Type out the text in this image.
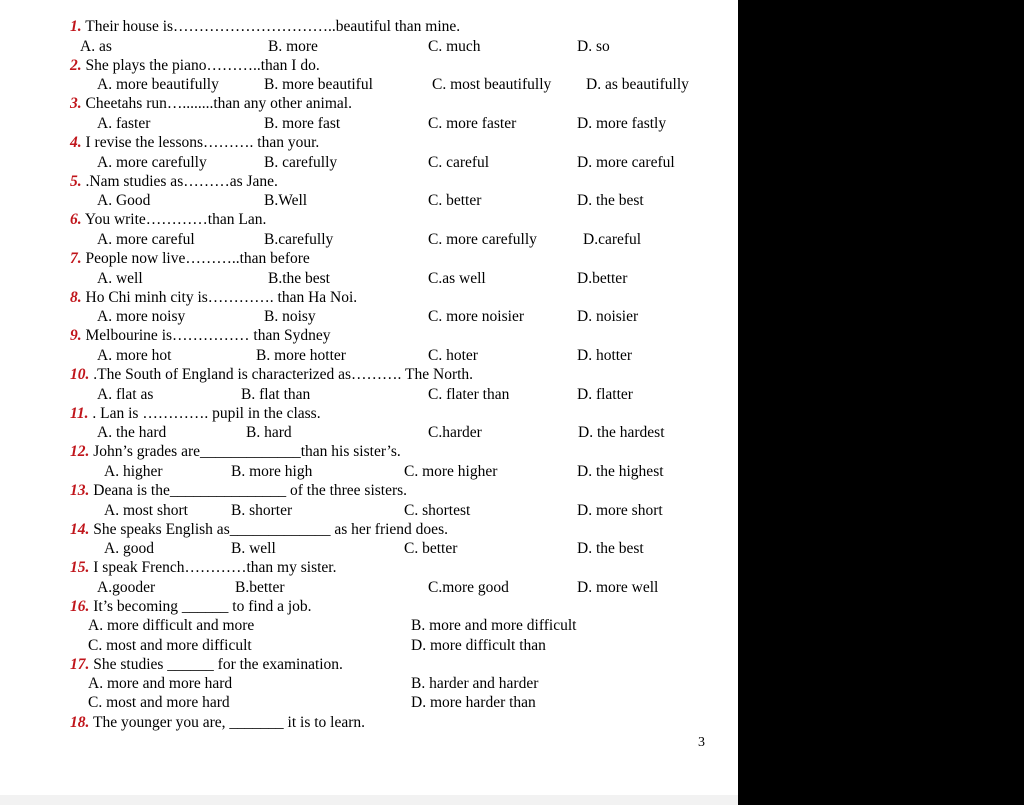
1. Their house is…………………………..beautiful than mine.
A. as	B. more	C. much	D. so
2. She plays the piano………..than I do.
A. more beautifully	B. more beautiful	C. most beautifully D. as beautifully
3. Cheetahs run…........than any other animal.
A. faster	B. more fast	C. more faster	D. more fastly
4. I revise the lessons………. than your.
A. more carefully	B. carefully	C. careful	D. more careful
5. .Nam studies as………as Jane.
A. Good	B.Well	C. better	D. the best
6. You write…………than Lan.
A. more careful	B.carefully	C. more carefully	D.careful
7. People now live………..than before
A. well	B.the best	C.as well	D.better
8. Ho Chi minh city is…………. than Ha Noi.
A. more noisy	B. noisy	C. more noisier	D. noisier
9. Melbourine is…………… than Sydney
A. more hot	B. more hotter	C. hoter	D. hotter
10. .The South of England is characterized as………. The North.
A. flat as	B. flat than	C. flater than	D. flatter
11. . Lan is …………. pupil in the class.
A. the hard	B. hard	C.harder	D. the hardest
12. John’s grades are_____________than his sister’s.
A. higher	B. more high	C. more higher	D. the highest
13. Deana is the_______________ of the three sisters.
A. most short	B. shorter	C. shortest	D. more short
14. She speaks English as_____________ as her friend does.
A. good	B. well	C. better	D. the best
15. I speak French…………than my sister.
A.gooder	B.better	C.more good	D. more well
16. It’s becoming ______ to find a job.
A. more difficult and more	B. more and more difficult
C. most and more difficult	D. more difficult than
17. She studies ______ for the examination.
A. more and more hard	B. harder and harder
C. most and more hard	D. more harder than
18. The younger you are, _______ it is to learn.
3
